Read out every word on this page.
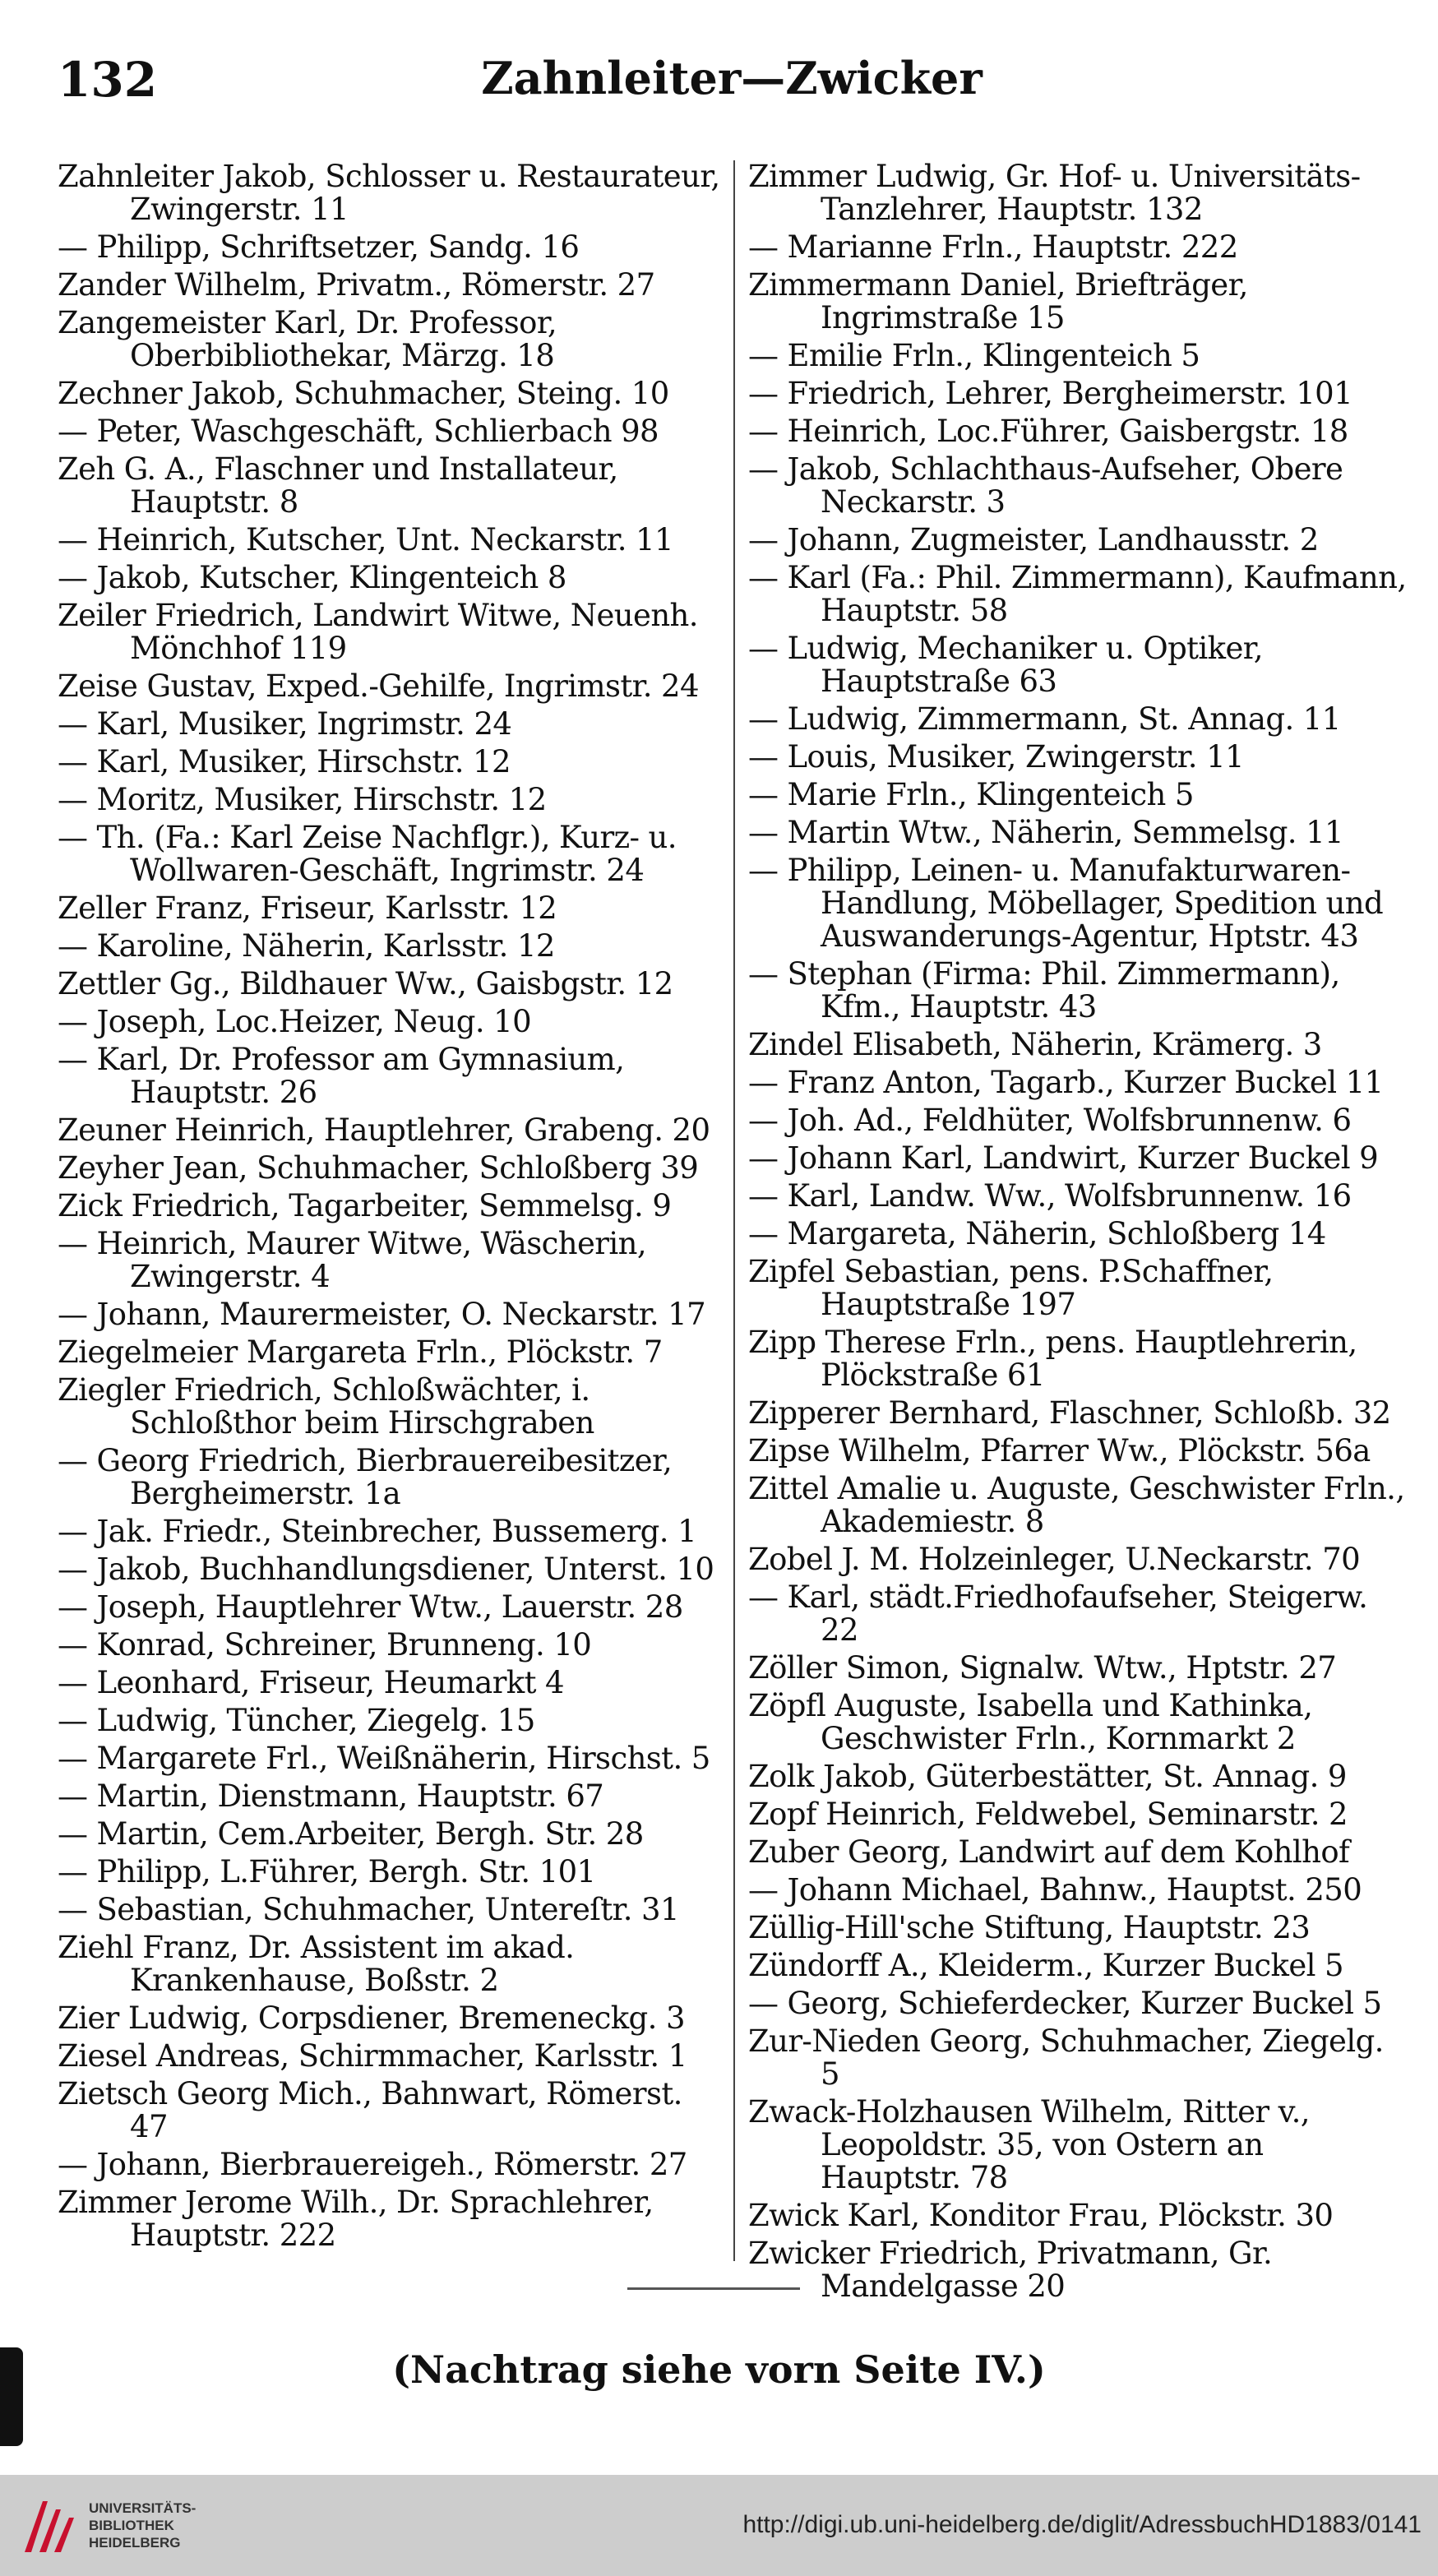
Zahnleiter—Zwicker
132

Zahnleiter Jakob, Schlosser u. Restaurateur, Zwingerstr. 11

— Philipp, Schriftsetzer, Sandg. 16

Zander Wilhelm, Privatm., Römerstr. 27

Zangemeister Karl, Dr. Professor, Oberbibliothekar, Märzg. 18

Zechner Jakob, Schuhmacher, Steing. 10

— Peter, Waschgeschäft, Schlierbach 98

Zeh G. A., Flaschner und Installateur, Hauptstr. 8

— Heinrich, Kutscher, Unt. Neckarstr. 11

— Jakob, Kutscher, Klingenteich 8

Zeiler Friedrich, Landwirt Witwe, Neuenh. Mönchhof 119

Zeise Gustav, Exped.-Gehilfe, Ingrimstr. 24

— Karl, Musiker, Ingrimstr. 24

— Karl, Musiker, Hirschstr. 12

— Moritz, Musiker, Hirschstr. 12

— Th. (Fa.: Karl Zeise Nachflgr.), Kurz- u. Wollwaren-Geschäft, Ingrimstr. 24

Zeller Franz, Friseur, Karlsstr. 12

— Karoline, Näherin, Karlsstr. 12

Zettler Gg., Bildhauer Ww., Gaisbgstr. 12

— Joseph, Loc.Heizer, Neug. 10

— Karl, Dr. Professor am Gymnasium, Hauptstr. 26

Zeuner Heinrich, Hauptlehrer, Grabeng. 20

Zeyher Jean, Schuhmacher, Schloßberg 39

Zick Friedrich, Tagarbeiter, Semmelsg. 9

— Heinrich, Maurer Witwe, Wäscherin, Zwingerstr. 4

— Johann, Maurermeister, O. Neckarstr. 17

Ziegelmeier Margareta Frln., Plöckstr. 7

Ziegler Friedrich, Schloßwächter, i. Schloßthor beim Hirschgraben

— Georg Friedrich, Bierbrauereibesitzer, Bergheimerstr. 1a

— Jak. Friedr., Steinbrecher, Bussemerg. 1

— Jakob, Buchhandlungsdiener, Unterst. 10

— Joseph, Hauptlehrer Wtw., Lauerstr. 28

— Konrad, Schreiner, Brunneng. 10

— Leonhard, Friseur, Heumarkt 4

— Ludwig, Tüncher, Ziegelg. 15

— Margarete Frl., Weißnäherin, Hirschst. 5

— Martin, Dienstmann, Hauptstr. 67

— Martin, Cem.Arbeiter, Bergh. Str. 28

— Philipp, L.Führer, Bergh. Str. 101

— Sebastian, Schuhmacher, Untereſtr. 31

Ziehl Franz, Dr. Assistent im akad. Krankenhause, Boßstr. 2

Zier Ludwig, Corpsdiener, Bremeneckg. 3

Ziesel Andreas, Schirmmacher, Karlsstr. 1

Zietsch Georg Mich., Bahnwart, Römerst. 47

— Johann, Bierbrauereigeh., Römerstr. 27

Zimmer Jerome Wilh., Dr. Sprachlehrer, Hauptstr. 222

Zimmer Ludwig, Gr. Hof- u. Universitäts-Tanzlehrer, Hauptstr. 132

— Marianne Frln., Hauptstr. 222

Zimmermann Daniel, Briefträger, Ingrimstraße 15

— Emilie Frln., Klingenteich 5

— Friedrich, Lehrer, Bergheimerstr. 101

— Heinrich, Loc.Führer, Gaisbergstr. 18

— Jakob, Schlachthaus-Aufseher, Obere Neckarstr. 3

— Johann, Zugmeister, Landhausstr. 2

— Karl (Fa.: Phil. Zimmermann), Kaufmann, Hauptstr. 58

— Ludwig, Mechaniker u. Optiker, Hauptstraße 63

— Ludwig, Zimmermann, St. Annag. 11

— Louis, Musiker, Zwingerstr. 11

— Marie Frln., Klingenteich 5

— Martin Wtw., Näherin, Semmelsg. 11

— Philipp, Leinen- u. Manufakturwaren-Handlung, Möbellager, Spedition und Auswanderungs-Agentur, Hptstr. 43

— Stephan (Firma: Phil. Zimmermann), Kfm., Hauptstr. 43

Zindel Elisabeth, Näherin, Krämerg. 3

— Franz Anton, Tagarb., Kurzer Buckel 11

— Joh. Ad., Feldhüter, Wolfsbrunnenw. 6

— Johann Karl, Landwirt, Kurzer Buckel 9

— Karl, Landw. Ww., Wolfsbrunnenw. 16

— Margareta, Näherin, Schloßberg 14

Zipfel Sebastian, pens. P.Schaffner, Hauptstraße 197

Zipp Therese Frln., pens. Hauptlehrerin, Plöckstraße 61

Zipperer Bernhard, Flaschner, Schloßb. 32

Zipse Wilhelm, Pfarrer Ww., Plöckstr. 56a

Zittel Amalie u. Auguste, Geschwister Frln., Akademiestr. 8

Zobel J. M. Holzeinleger, U.Neckarstr. 70

— Karl, städt.Friedhofaufseher, Steigerw. 22

Zöller Simon, Signalw. Wtw., Hptstr. 27

Zöpfl Auguste, Isabella und Kathinka, Geschwister Frln., Kornmarkt 2

Zolk Jakob, Güterbestätter, St. Annag. 9

Zopf Heinrich, Feldwebel, Seminarstr. 2

Zuber Georg, Landwirt auf dem Kohlhof

— Johann Michael, Bahnw., Hauptst. 250

Züllig-Hill'sche Stiftung, Hauptstr. 23

Zündorff A., Kleiderm., Kurzer Buckel 5

— Georg, Schieferdecker, Kurzer Buckel 5

Zur-Nieden Georg, Schuhmacher, Ziegelg. 5

Zwack-Holzhausen Wilhelm, Ritter v., Leopoldstr. 35, von Ostern an Hauptstr. 78

Zwick Karl, Konditor Frau, Plöckstr. 30

Zwicker Friedrich, Privatmann, Gr. Mandelgasse 20

(Nachtrag siehe vorn Seite IV.)
UNIVERSITÄTS-
BIBLIOTHEK
HEIDELBERG
http://digi.ub.uni-heidelberg.de/diglit/AdressbuchHD1883/0141
